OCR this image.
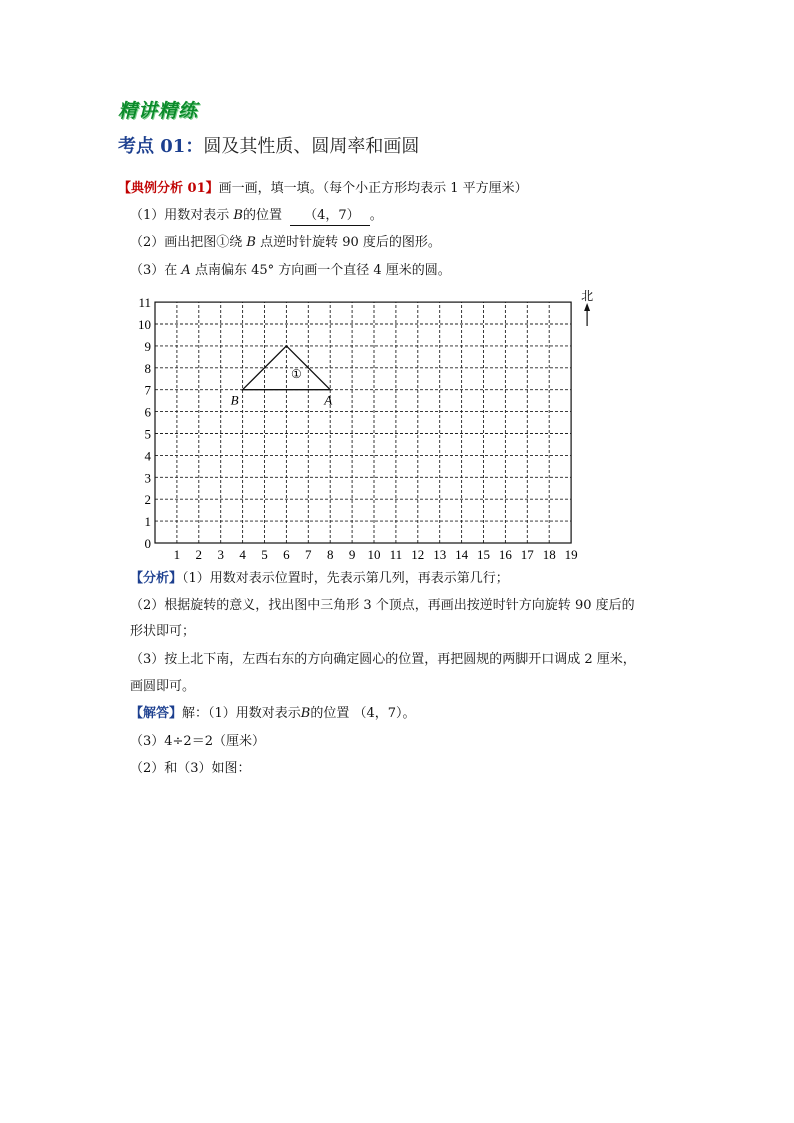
精讲精练
考点 01：圆及其性质、圆周率和画圆
【典例分析 01】画一画，填一填。（每个小正方形均表示 1 平方厘米）
（1）用数对表示 B的位置 （4，7） 。
（2）画出把图①绕 B 点逆时针旋转 90 度后的图形。
（3）在 A 点南偏东 45° 方向画一个直径 4 厘米的圆。
1 2 3 4 5 6 7 8 9 10 11 12 13 14 15 16 17 18 19
0
1
2
3
4
5
6
7
8
9
10
11
①
B	A
北
【分析】（1）用数对表示位置时，先表示第几列，再表示第几行；
（2）根据旋转的意义，找出图中三角形 3 个顶点，再画出按逆时针方向旋转 90 度后的
形状即可；
（3）按上北下南，左西右东的方向确定圆心的位置，再把圆规的两脚开口调成 2 厘米，
画圆即可。
【解答】解：（1）用数对表示B的位置 （4，7）。
（3）4÷2＝2（厘米）
（2）和（3）如图：
